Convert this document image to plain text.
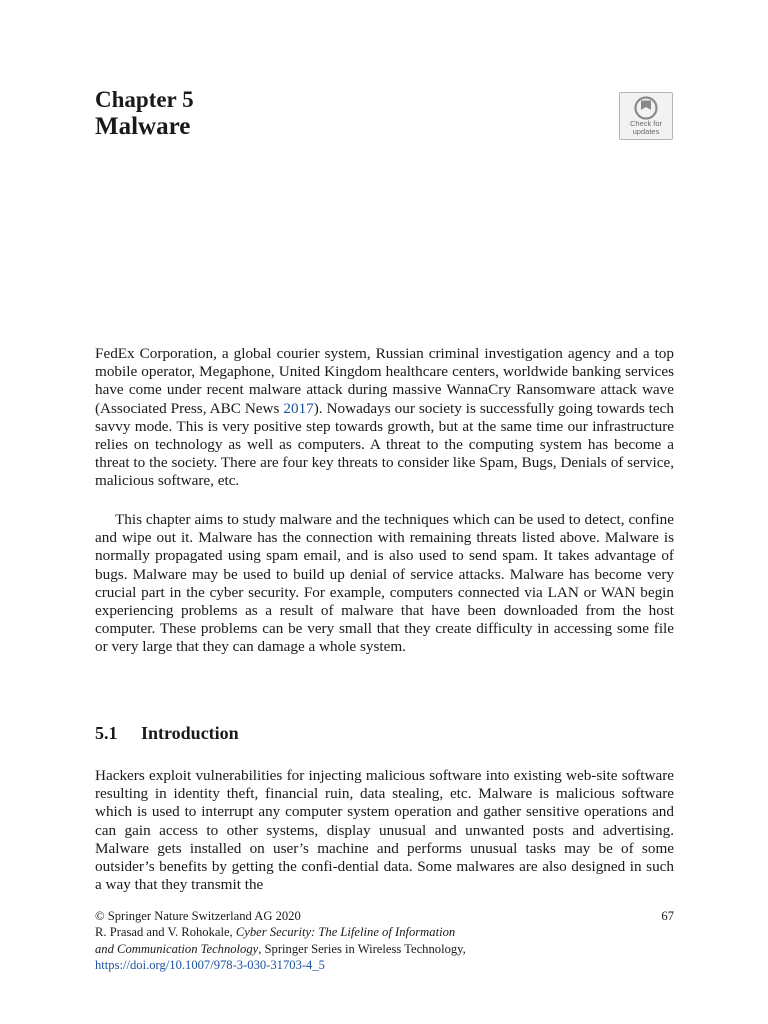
Chapter 5
Malware	Check for
updates

FedEx Corporation, a global courier system, Russian criminal investigation agency and a top mobile operator, Megaphone, United Kingdom healthcare centers, worldwide banking services have come under recent malware attack during massive WannaCry Ransomware attack wave (Associated Press, ABC News 2017). Nowadays our society is successfully going towards tech savvy mode. This is very positive step towards growth, but at the same time our infrastructure relies on technology as well as computers. A threat to the computing system has become a threat to the society. There are four key threats to consider like Spam, Bugs, Denials of service, malicious software, etc.

This chapter aims to study malware and the techniques which can be used to detect, confine and wipe out it. Malware has the connection with remaining threats listed above. Malware is normally propagated using spam email, and is also used to send spam. It takes advantage of bugs. Malware may be used to build up denial of service attacks. Malware has become very crucial part in the cyber security. For example, computers connected via LAN or WAN begin experiencing problems as a result of malware that have been downloaded from the host computer. These problems can be very small that they create difficulty in accessing some file or very large that they can damage a whole system.

5.1 Introduction

Hackers exploit vulnerabilities for injecting malicious software into existing web-site software resulting in identity theft, financial ruin, data stealing, etc. Malware is malicious software which is used to interrupt any computer system operation and gather sensitive operations and can gain access to other systems, display unusual and unwanted posts and advertising. Malware gets installed on user’s machine and performs unusual tasks may be of some outsider’s benefits by getting the confi-dential data. Some malwares are also designed in such a way that they transmit the

© Springer Nature Switzerland AG 2020	67
R. Prasad and V. Rohokale, Cyber Security: The Lifeline of Information
and Communication Technology, Springer Series in Wireless Technology,
https://doi.org/10.1007/978-3-030-31703-4_5
